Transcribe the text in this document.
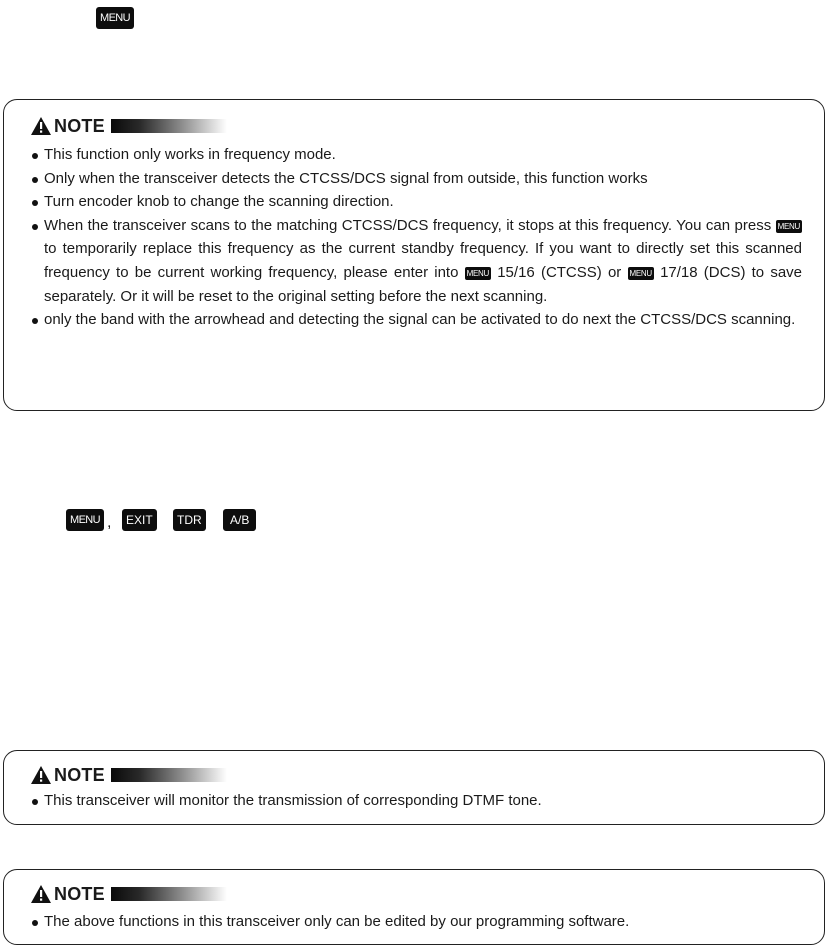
MENU
NOTE
This function only works in frequency mode.
Only when the transceiver detects the CTCSS/DCS signal from outside, this function works
Turn encoder knob to change the scanning direction.
When the transceiver scans to the matching CTCSS/DCS frequency, it stops at this frequency. You can press MENU to temporarily replace this frequency as the current standby frequency. If you want to directly set this scanned frequency to be current working frequency, please enter into MENU 15/16 (CTCSS) or MENU 17/18 (DCS) to save separately. Or it will be reset to the original setting before the next scanning.
only the band with the arrowhead and detecting the signal can be activated to do next the CTCSS/DCS scanning.
MENU ,	EXIT	TDR	A/B
NOTE
This transceiver will monitor the transmission of corresponding DTMF tone.
NOTE
The above functions in this transceiver only can be edited by our programming software.
